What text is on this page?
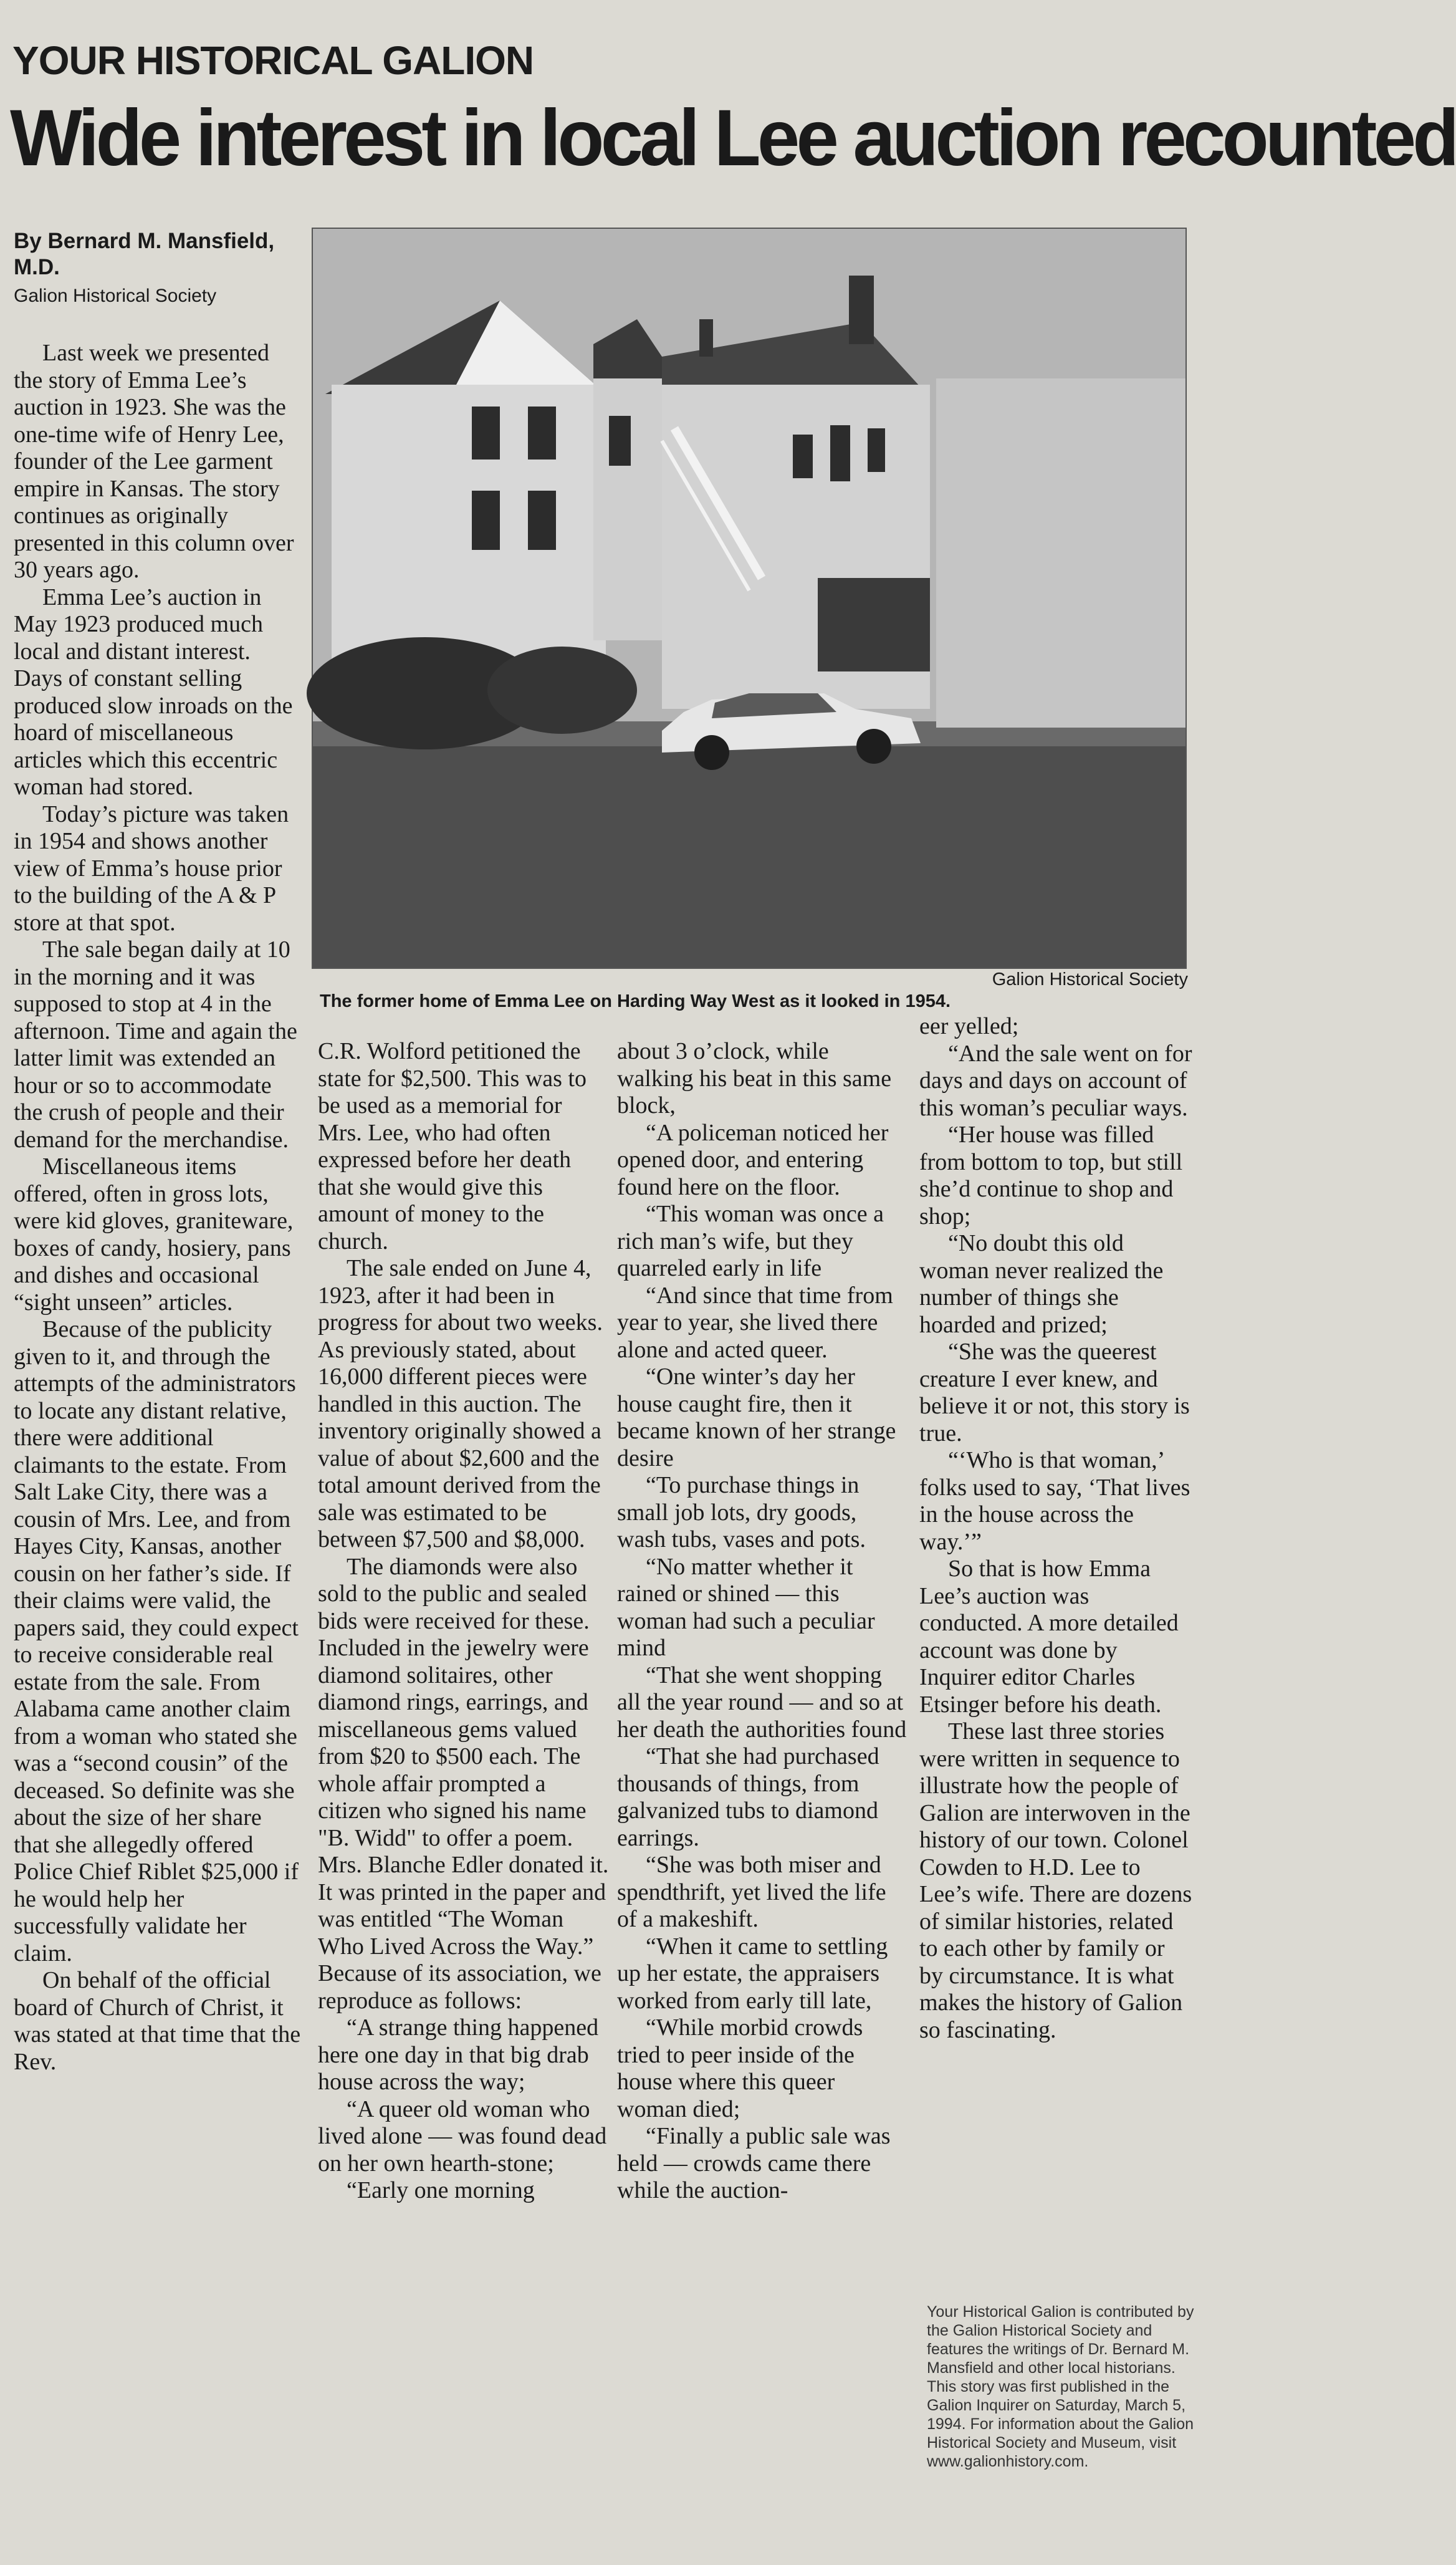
YOUR HISTORICAL GALION
Wide interest in local Lee auction recounted
By Bernard M. Mansfield,
M.D.
Galion Historical Society
The former home of Emma Lee on Harding Way West as it looked in 1954.
Galion Historical Society

Last week we presented the story of Emma Lee’s auction in 1923. She was the one-time wife of Henry Lee, founder of the Lee garment empire in Kansas. The story continues as originally presented in this column over 30 years ago.

Emma Lee’s auction in May 1923 produced much local and distant interest. Days of constant selling produced slow inroads on the hoard of miscellaneous articles which this eccentric woman had stored.

Today’s picture was taken in 1954 and shows another view of Emma’s house prior to the building of the A & P store at that spot.

The sale began daily at 10 in the morning and it was supposed to stop at 4 in the afternoon. Time and again the latter limit was extended an hour or so to accommodate the crush of people and their demand for the merchandise.

Miscellaneous items offered, often in gross lots, were kid gloves, graniteware, boxes of candy, hosiery, pans and dishes and occasional “sight unseen” articles.

Because of the publicity given to it, and through the attempts of the administrators to locate any distant relative, there were additional claimants to the estate. From Salt Lake City, there was a cousin of Mrs. Lee, and from Hayes City, Kansas, another cousin on her father’s side. If their claims were valid, the papers said, they could expect to receive considerable real estate from the sale. From Alabama came another claim from a woman who stated she was a “second cousin” of the deceased. So definite was she about the size of her share that she allegedly offered Police Chief Riblet $25,000 if he would help her successfully validate her claim.

On behalf of the official board of Church of Christ, it was stated at that time that the Rev.

C.R. Wolford petitioned the state for $2,500. This was to be used as a memorial for Mrs. Lee, who had often expressed before her death that she would give this amount of money to the church.

The sale ended on June 4, 1923, after it had been in progress for about two weeks. As previously stated, about 16,000 different pieces were handled in this auction. The inventory originally showed a value of about $2,600 and the total amount derived from the sale was estimated to be between $7,500 and $8,000.

The diamonds were also sold to the public and sealed bids were received for these. Included in the jewelry were diamond solitaires, other diamond rings, earrings, and miscellaneous gems valued from $20 to $500 each. The whole affair prompted a citizen who signed his name "B. Widd" to offer a poem. Mrs. Blanche Edler donated it. It was printed in the paper and was entitled “The Woman Who Lived Across the Way.” Because of its association, we reproduce as follows:

“A strange thing happened here one day in that big drab house across the way;

“A queer old woman who lived alone — was found dead on her own hearth-stone;

“Early one morning

about 3 o’clock, while walking his beat in this same block,

“A policeman noticed her opened door, and entering found here on the floor.

“This woman was once a rich man’s wife, but they quarreled early in life

“And since that time from year to year, she lived there alone and acted queer.

“One winter’s day her house caught fire, then it became known of her strange desire

“To purchase things in small job lots, dry goods, wash tubs, vases and pots.

“No matter whether it rained or shined — this woman had such a peculiar mind

“That she went shopping all the year round — and so at her death the authorities found

“That she had purchased thousands of things, from galvanized tubs to diamond earrings.

“She was both miser and spendthrift, yet lived the life of a makeshift.

“When it came to settling up her estate, the appraisers worked from early till late,

“While morbid crowds tried to peer inside of the house where this queer woman died;

“Finally a public sale was held — crowds came there while the auction-

eer yelled;

“And the sale went on for days and days on account of this woman’s peculiar ways.

“Her house was filled from bottom to top, but still she’d continue to shop and shop;

“No doubt this old woman never realized the number of things she hoarded and prized;

“She was the queerest creature I ever knew, and believe it or not, this story is true.

“‘Who is that woman,’ folks used to say, ‘That lives in the house across the way.’”

So that is how Emma Lee’s auction was conducted. A more detailed account was done by Inquirer editor Charles Etsinger before his death.

These last three stories were written in sequence to illustrate how the people of Galion are interwoven in the history of our town. Colonel Cowden to H.D. Lee to Lee’s wife. There are dozens of similar histories, related to each other by family or by circumstance. It is what makes the history of Galion so fascinating.

Your Historical Galion is contributed by the Galion Historical Society and features the writings of Dr. Bernard M. Mansfield and other local historians. This story was first published in the Galion Inquirer on Saturday, March 5, 1994. For information about the Galion Historical Society and Museum, visit www.galionhistory.com.
